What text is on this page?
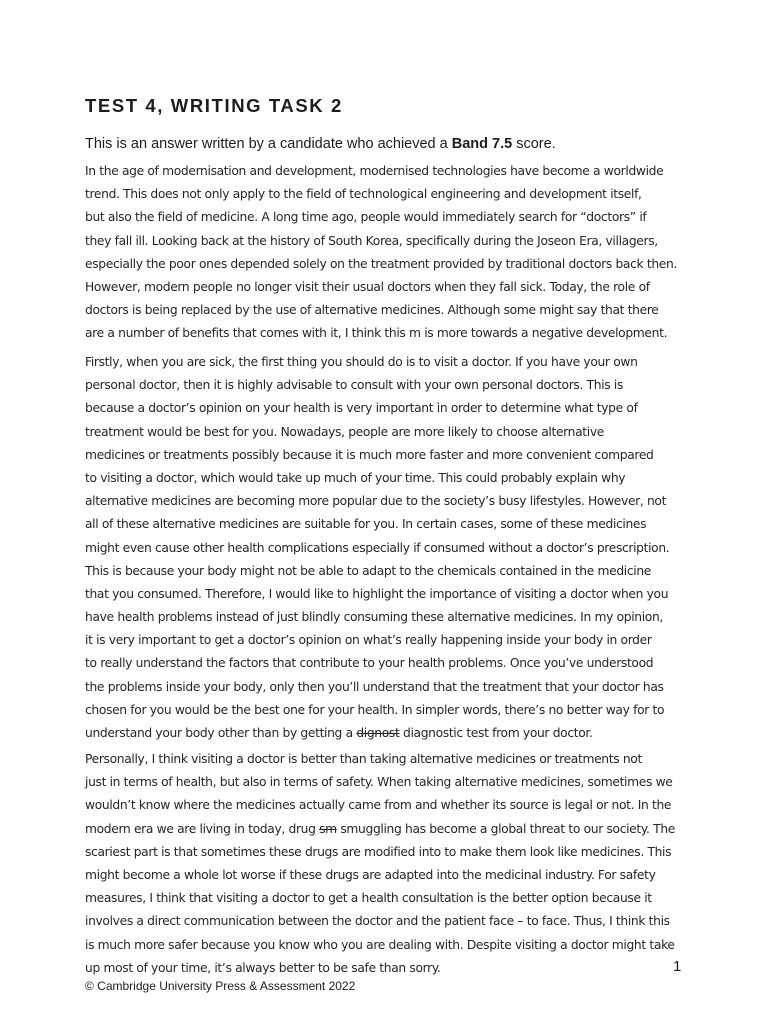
TEST 4, WRITING TASK 2

This is an answer written by a candidate who achieved a Band 7.5 score.

In the age of modernisation and development, modernised technologies have become a worldwide
trend. This does not only apply to the field of technological engineering and development itself,
but also the field of medicine. A long time ago, people would immediately search for “doctors” if
they fall ill. Looking back at the history of South Korea, specifically during the Joseon Era, villagers,
especially the poor ones depended solely on the treatment provided by traditional doctors back then.
However, modern people no longer visit their usual doctors when they fall sick. Today, the role of
doctors is being replaced by the use of alternative medicines. Although some might say that there
are a number of benefits that comes with it, I think this m is more towards a negative development.
Firstly, when you are sick, the first thing you should do is to visit a doctor. If you have your own
personal doctor, then it is highly advisable to consult with your own personal doctors. This is
because a doctor’s opinion on your health is very important in order to determine what type of
treatment would be best for you. Nowadays, people are more likely to choose alternative
medicines or treatments possibly because it is much more faster and more convenient compared
to visiting a doctor, which would take up much of your time. This could probably explain why
alternative medicines are becoming more popular due to the society’s busy lifestyles. However, not
all of these alternative medicines are suitable for you. In certain cases, some of these medicines
might even cause other health complications especially if consumed without a doctor’s prescription.
This is because your body might not be able to adapt to the chemicals contained in the medicine
that you consumed. Therefore, I would like to highlight the importance of visiting a doctor when you
have health problems instead of just blindly consuming these alternative medicines. In my opinion,
it is very important to get a doctor’s opinion on what’s really happening inside your body in order
to really understand the factors that contribute to your health problems. Once you’ve understood
the problems inside your body, only then you’ll understand that the treatment that your doctor has
chosen for you would be the best one for your health. In simpler words, there’s no better way for to
understand your body other than by getting a dignost diagnostic test from your doctor.
Personally, I think visiting a doctor is better than taking alternative medicines or treatments not
just in terms of health, but also in terms of safety. When taking alternative medicines, sometimes we
wouldn’t know where the medicines actually came from and whether its source is legal or not. In the
modern era we are living in today, drug sm smuggling has become a global threat to our society. The
scariest part is that sometimes these drugs are modified into to make them look like medicines. This
might become a whole lot worse if these drugs are adapted into the medicinal industry. For safety
measures, I think that visiting a doctor to get a health consultation is the better option because it
involves a direct communication between the doctor and the patient face – to face. Thus, I think this
is much more safer because you know who you are dealing with. Despite visiting a doctor might take
up most of your time, it’s always better to be safe than sorry.	1

© Cambridge University Press & Assessment 2022
